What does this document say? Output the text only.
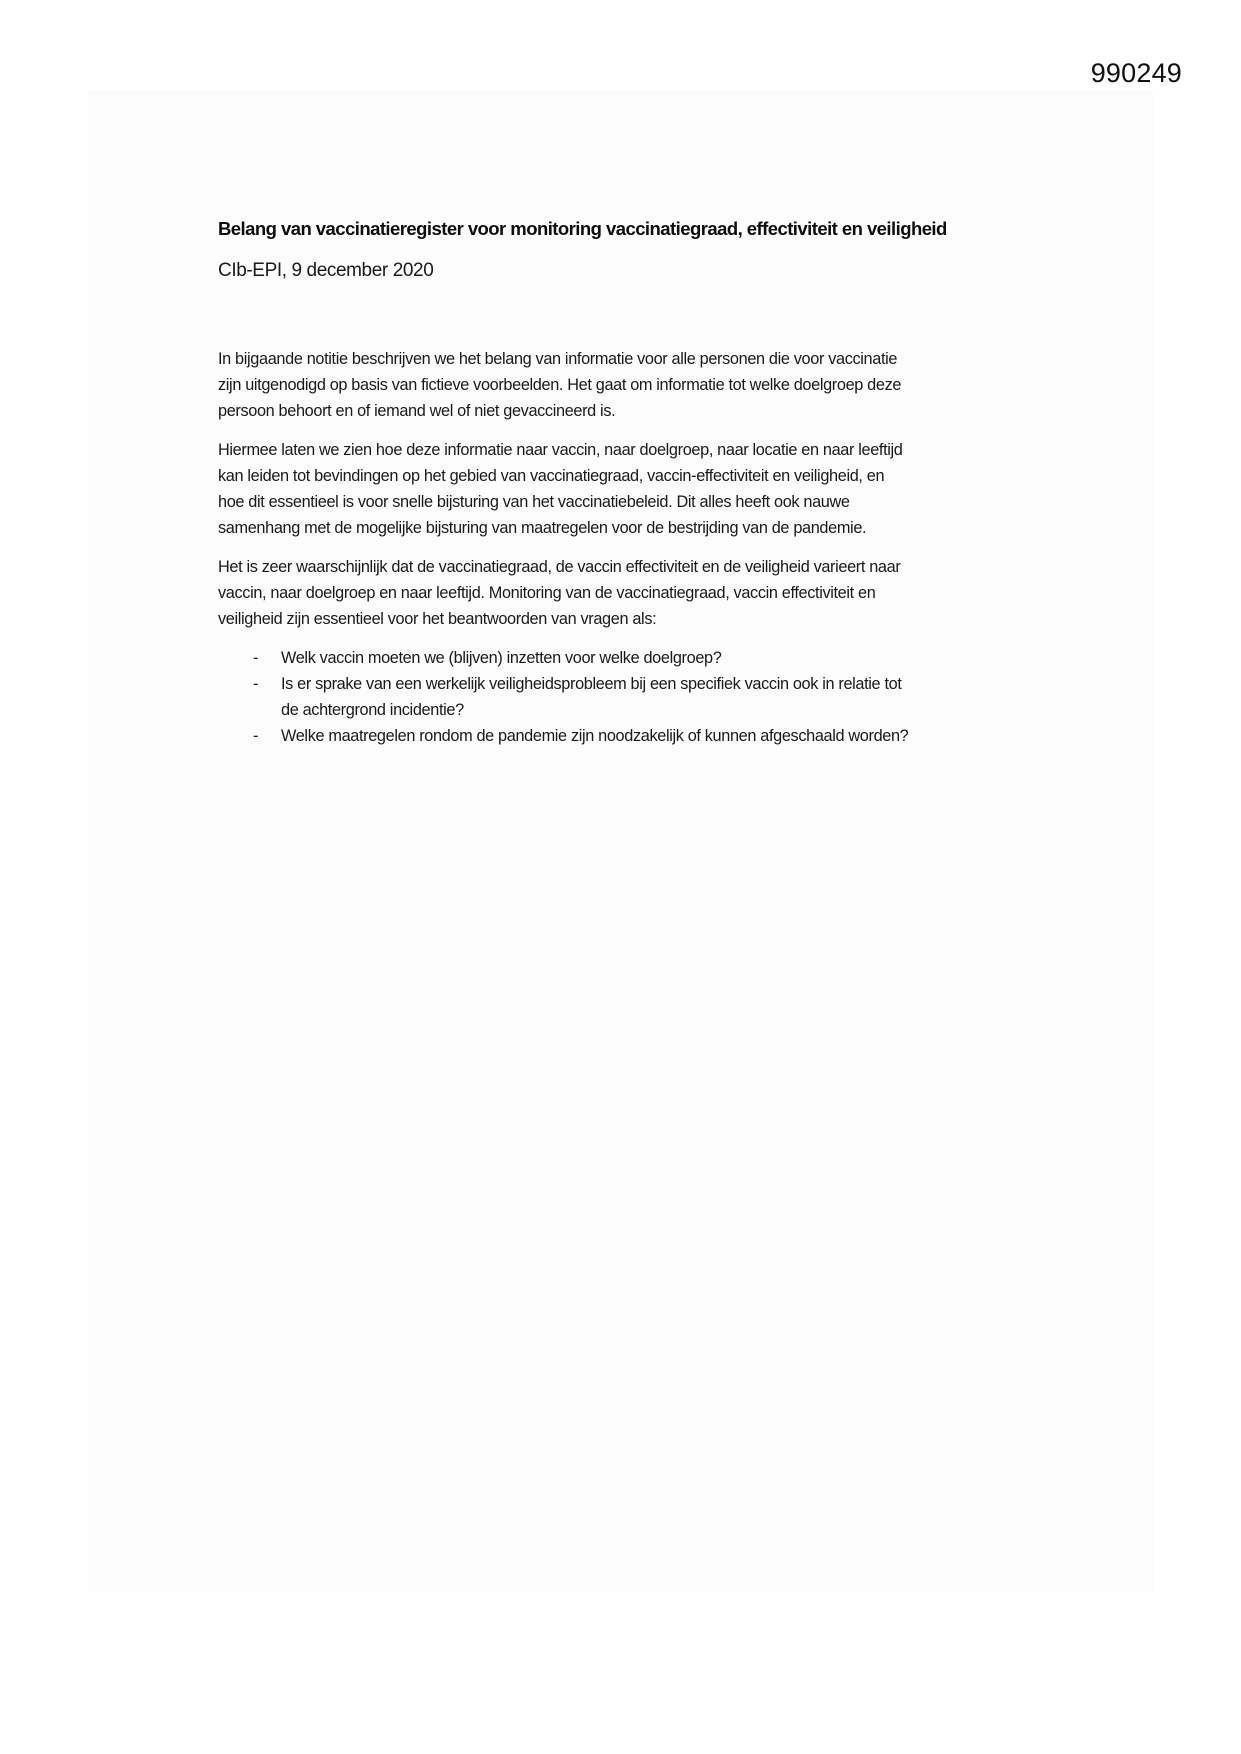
990249
Belang van vaccinatieregister voor monitoring vaccinatiegraad, effectiviteit en veiligheid
CIb-EPI, 9 december 2020
In bijgaande notitie beschrijven we het belang van informatie voor alle personen die voor vaccinatie
zijn uitgenodigd op basis van fictieve voorbeelden. Het gaat om informatie tot welke doelgroep deze
persoon behoort en of iemand wel of niet gevaccineerd is.
Hiermee laten we zien hoe deze informatie naar vaccin, naar doelgroep, naar locatie en naar leeftijd
kan leiden tot bevindingen op het gebied van vaccinatiegraad, vaccin-effectiviteit en veiligheid, en
hoe dit essentieel is voor snelle bijsturing van het vaccinatiebeleid. Dit alles heeft ook nauwe
samenhang met de mogelijke bijsturing van maatregelen voor de bestrijding van de pandemie.
Het is zeer waarschijnlijk dat de vaccinatiegraad, de vaccin effectiviteit en de veiligheid varieert naar
vaccin, naar doelgroep en naar leeftijd. Monitoring van de vaccinatiegraad, vaccin effectiviteit en
veiligheid zijn essentieel voor het beantwoorden van vragen als:
- Welk vaccin moeten we (blijven) inzetten voor welke doelgroep?
- Is er sprake van een werkelijk veiligheidsprobleem bij een specifiek vaccin ook in relatie tot
de achtergrond incidentie?
- Welke maatregelen rondom de pandemie zijn noodzakelijk of kunnen afgeschaald worden?
